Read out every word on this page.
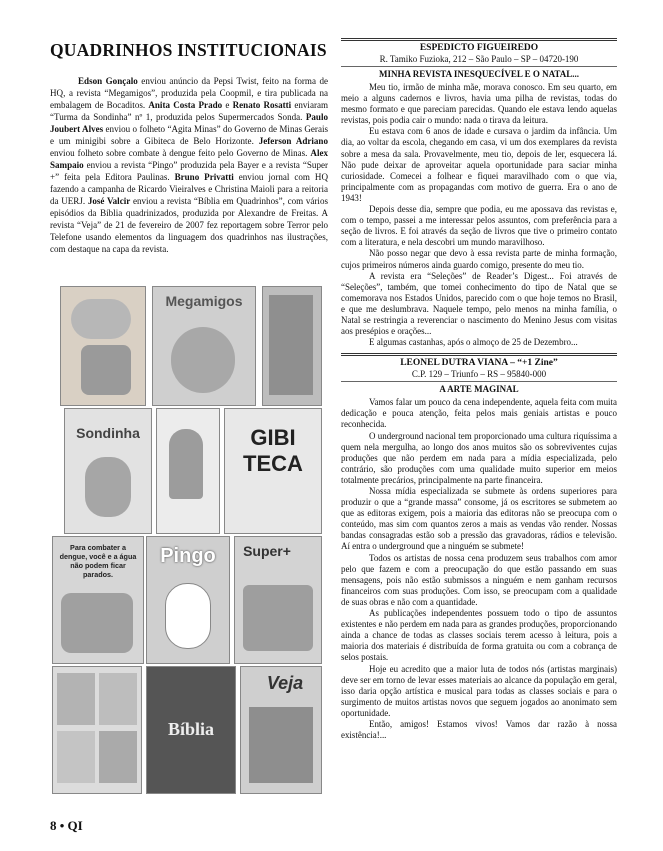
QUADRINHOS INSTITUCIONAIS

Edson Gonçalo enviou anúncio da Pepsi Twist, feito na forma de HQ, a revista “Megamigos”, produzida pela Coopmil, e tira publicada na embalagem de Bocaditos. Anita Costa Prado e Renato Rosatti enviaram “Turma da Sondinha” nº 1, produzida pelos Supermercados Sonda. Paulo Joubert Alves enviou o folheto “Agita Minas” do Governo de Minas Gerais e um minigibi sobre a Gibiteca de Belo Horizonte. Jeferson Adriano enviou folheto sobre combate à dengue feito pelo Governo de Minas. Alex Sampaio enviou a revista “Pingo” produzida pela Bayer e a revista “Super +” feita pela Editora Paulinas. Bruno Privatti enviou jornal com HQ fazendo a campanha de Ricardo Vieiralves e Christina Maioli para a reitoria da UERJ. José Valcir enviou a revista “Bíblia em Quadrinhos”, com vários episódios da Bíblia quadrinizados, produzida por Alexandre de Freitas. A revista “Veja” de 21 de fevereiro de 2007 fez reportagem sobre Terror pelo Telefone usando elementos da linguagem dos quadrinhos nas ilustrações, com destaque na capa da revista.

Megamigos
Sondinha	GIBI TECA
Para combater a dengue, você e a água não podem ficar parados.
Pingo	Super+
Bíblia
Veja
8 • QI
ESPEDICTO FIGUEIREDO
R. Tamiko Fuzioka, 212 – São Paulo – SP – 04720-190
MINHA REVISTA INESQUECÍVEL E O NATAL...

Meu tio, irmão de minha mãe, morava conosco. Em seu quarto, em meio a alguns cadernos e livros, havia uma pilha de revistas, todas do mesmo formato e que pareciam parecidas. Quando ele estava lendo aquelas revistas, pois podia cair o mundo: nada o tirava da leitura.

Eu estava com 6 anos de idade e cursava o jardim da infância. Um dia, ao voltar da escola, chegando em casa, vi um dos exemplares da revista sobre a mesa da sala. Provavelmente, meu tio, depois de ler, esquecera lá. Não pude deixar de aproveitar aquela oportunidade para saciar minha curiosidade. Comecei a folhear e fiquei maravilhado com o que via, principalmente com as propagandas com motivo de guerra. Era o ano de 1943!

Depois desse dia, sempre que podia, eu me apossava das revistas e, com o tempo, passei a me interessar pelos assuntos, com preferência para a seção de livros. E foi através da seção de livros que tive o primeiro contato com a literatura, e nela descobri um mundo maravilhoso.

Não posso negar que devo à essa revista parte de minha formação, cujos primeiros números ainda guardo comigo, presente do meu tio.

A revista era “Seleções” de Reader’s Digest... Foi através de “Seleções”, também, que tomei conhecimento do tipo de Natal que se comemorava nos Estados Unidos, parecido com o que hoje temos no Brasil, e que me deslumbrava. Naquele tempo, pelo menos na minha família, o Natal se restringia a reverenciar o nascimento do Menino Jesus com visitas aos presépios e orações...

E algumas castanhas, após o almoço de 25 de Dezembro...

LEONEL DUTRA VIANA – “+1 Zine”
C.P. 129 – Triunfo – RS – 95840-000
A ARTE MAGINAL

Vamos falar um pouco da cena independente, aquela feita com muita dedicação e pouca atenção, feita pelos mais geniais artistas e pouco reconhecida.

O underground nacional tem proporcionado uma cultura riquíssima a quem nela mergulha, ao longo dos anos muitos são os sobreviventes cujas produções que não perdem em nada para a mídia especializada, pelo contrário, são produções com uma qualidade muito superior em meios totalmente precários, principalmente na parte financeira.

Nossa mídia especializada se submete às ordens superiores para produzir o que a “grande massa” consome, já os escritores se submetem ao que as editoras exigem, pois a maioria das editoras não se preocupa com o conteúdo, mas sim com quantos zeros a mais as vendas vão render. Nossas bandas consagradas estão sob a pressão das gravadoras, rádios e televisão. Aí entra o underground que a ninguém se submete!

Todos os artistas de nossa cena produzem seus trabalhos com amor pelo que fazem e com a preocupação do que estão passando em suas mensagens, pois não estão submissos a ninguém e nem ganham recursos financeiros com suas produções. Com isso, se preocupam com a qualidade de suas obras e não com a quantidade.

As publicações independentes possuem todo o tipo de assuntos existentes e não perdem em nada para as grandes produções, proporcionando ainda a chance de todas as classes sociais terem acesso à leitura, pois a maioria dos materiais é distribuída de forma gratuita ou com a cobrança de selos postais.

Hoje eu acredito que a maior luta de todos nós (artistas marginais) deve ser em torno de levar esses materiais ao alcance da população em geral, isso daria opção artística e musical para todas as classes sociais e para o surgimento de muitos artistas novos que seguem jogados ao anonimato sem oportunidade.

Então, amigos! Estamos vivos! Vamos dar razão à nossa existência!...
